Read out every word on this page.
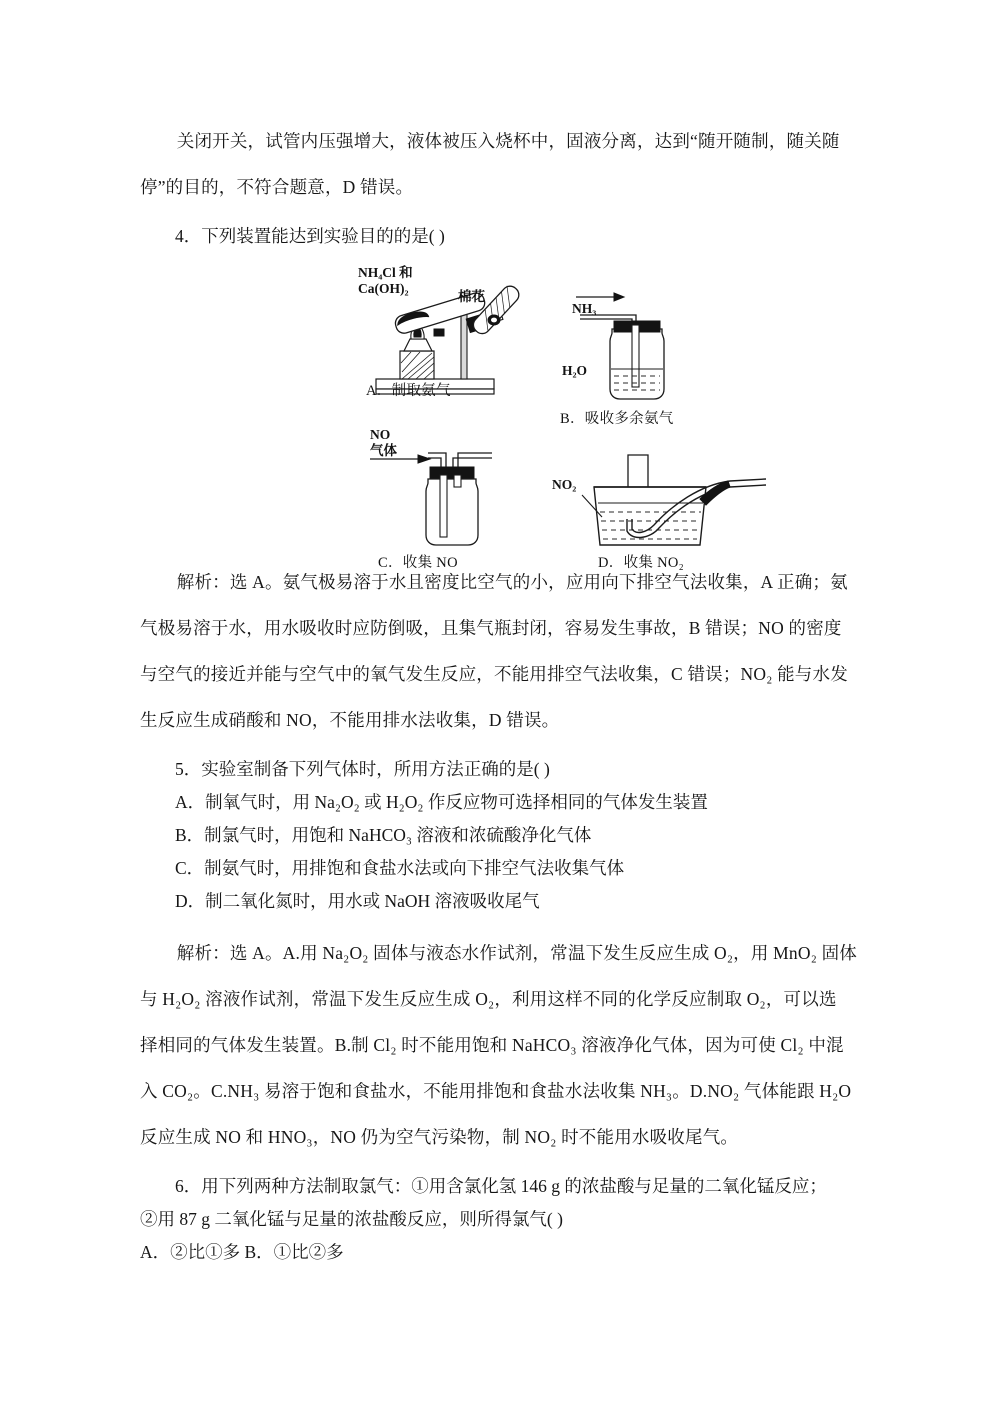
关闭开关，试管内压强增大，液体被压入烧杯中，固液分离，达到“随开随制，随关随

停”的目的，不符合题意，D 错误。

4．下列装置能达到实验目的的是( )

NH₄Cl 和
Ca(OH)₂
棉花
A．制取氨气
NH₃
H₂O
B．吸收多余氨气
NO
气体
C．收集 NO
NO₂
D．收集 NO₂

解析：选 A。氨气极易溶于水且密度比空气的小，应用向下排空气法收集，A 正确；氨

气极易溶于水，用水吸收时应防倒吸，且集气瓶封闭，容易发生事故，B 错误；NO 的密度

与空气的接近并能与空气中的氧气发生反应，不能用排空气法收集，C 错误；NO₂ 能与水发

生反应生成硝酸和 NO，不能用排水法收集，D 错误。

5．实验室制备下列气体时，所用方法正确的是( )

A．制氧气时，用 Na₂O₂ 或 H₂O₂ 作反应物可选择相同的气体发生装置

B．制氯气时，用饱和 NaHCO₃ 溶液和浓硫酸净化气体

C．制氨气时，用排饱和食盐水法或向下排空气法收集气体

D．制二氧化氮时，用水或 NaOH 溶液吸收尾气

解析：选 A。A.用 Na₂O₂ 固体与液态水作试剂，常温下发生反应生成 O₂，用 MnO₂ 固体

与 H₂O₂ 溶液作试剂，常温下发生反应生成 O₂，利用这样不同的化学反应制取 O₂，可以选

择相同的气体发生装置。B.制 Cl₂ 时不能用饱和 NaHCO₃ 溶液净化气体，因为可使 Cl₂ 中混

入 CO₂。C.NH₃ 易溶于饱和食盐水，不能用排饱和食盐水法收集 NH₃。D.NO₂ 气体能跟 H₂O

反应生成 NO 和 HNO₃，NO 仍为空气污染物，制 NO₂ 时不能用水吸收尾气。

6．用下列两种方法制取氯气：①用含氯化氢 146 g 的浓盐酸与足量的二氧化锰反应；

②用 87 g 二氧化锰与足量的浓盐酸反应，则所得氯气( )

A．②比①多 B．①比②多
